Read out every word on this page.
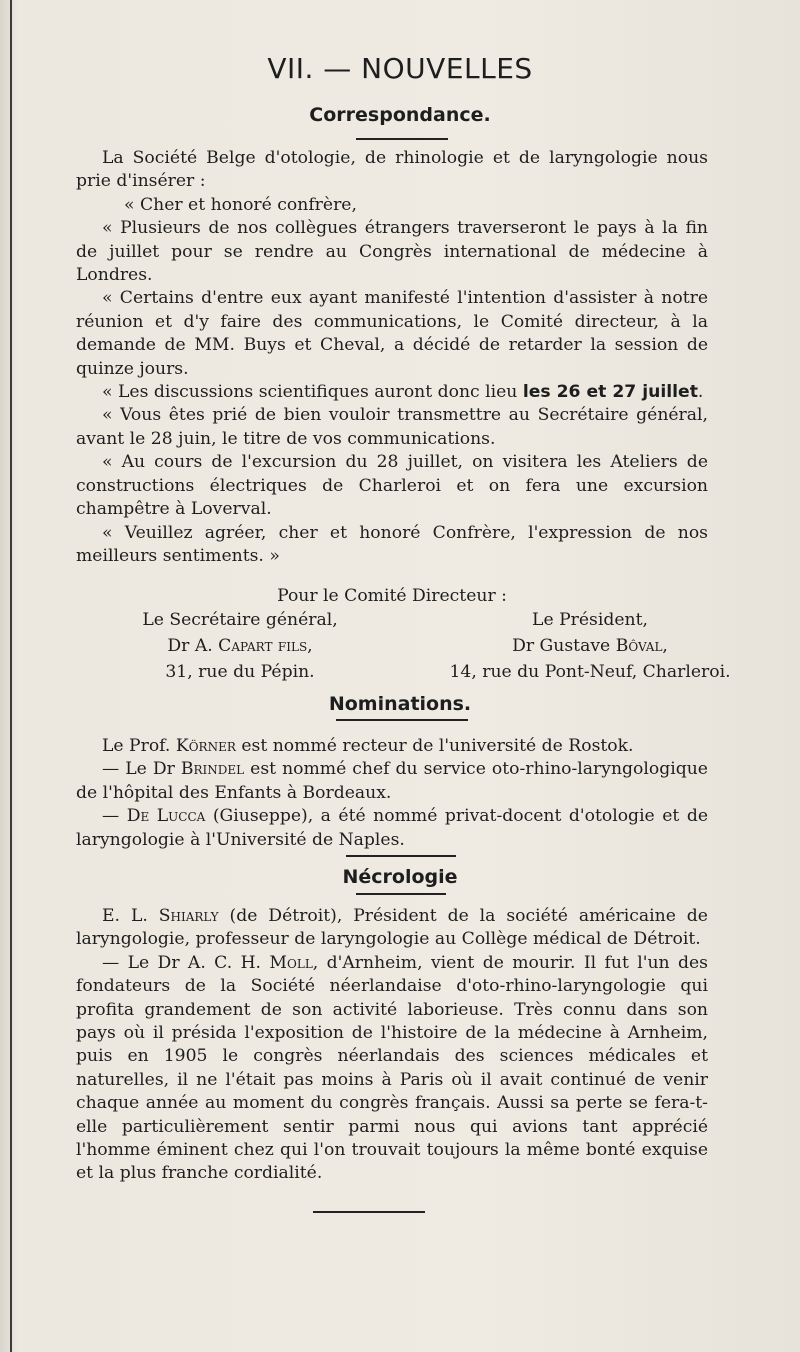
VII. — NOUVELLES
Correspondance.

La Société Belge d'otologie, de rhinologie et de laryngologie nous prie d'insérer :

« Cher et honoré confrère,

« Plusieurs de nos collègues étrangers traverseront le pays à la fin de juillet pour se rendre au Congrès international de médecine à Londres.

« Certains d'entre eux ayant manifesté l'intention d'assister à notre réunion et d'y faire des communications, le Comité directeur, à la demande de MM. Buys et Cheval, a décidé de retarder la session de quinze jours.

« Les discussions scientifiques auront donc lieu les 26 et 27 juillet.

« Vous êtes prié de bien vouloir transmettre au Secrétaire général, avant le 28 juin, le titre de vos communications.

« Au cours de l'excursion du 28 juillet, on visitera les Ateliers de constructions électriques de Charleroi et on fera une excursion champêtre à Loverval.

« Veuillez agréer, cher et honoré Confrère, l'expression de nos meilleurs sentiments. »

Pour le Comité Directeur :
Le Secrétaire général,
Dr A. Capart fils,
31, rue du Pépin.
Le Président,
Dr Gustave Bôval,
14, rue du Pont-Neuf, Charleroi.
Nominations.

Le Prof. Körner est nommé recteur de l'université de Rostok.

— Le Dr Brindel est nommé chef du service oto-rhino-laryngologique de l'hôpital des Enfants à Bordeaux.

— De Lucca (Giuseppe), a été nommé privat-docent d'otologie et de laryngologie à l'Université de Naples.

Nécrologie

E. L. Shiarly (de Détroit), Président de la société américaine de laryngologie, professeur de laryngologie au Collège médical de Détroit.

— Le Dr A. C. H. Moll, d'Arnheim, vient de mourir. Il fut l'un des fondateurs de la Société néerlandaise d'oto-rhino-laryngologie qui profita grandement de son activité laborieuse. Très connu dans son pays où il présida l'exposition de l'histoire de la médecine à Arnheim, puis en 1905 le congrès néerlandais des sciences médicales et naturelles, il ne l'était pas moins à Paris où il avait continué de venir chaque année au moment du congrès français. Aussi sa perte se fera-t-elle particulièrement sentir parmi nous qui avions tant apprécié l'homme éminent chez qui l'on trouvait toujours la même bonté exquise et la plus franche cordialité.
